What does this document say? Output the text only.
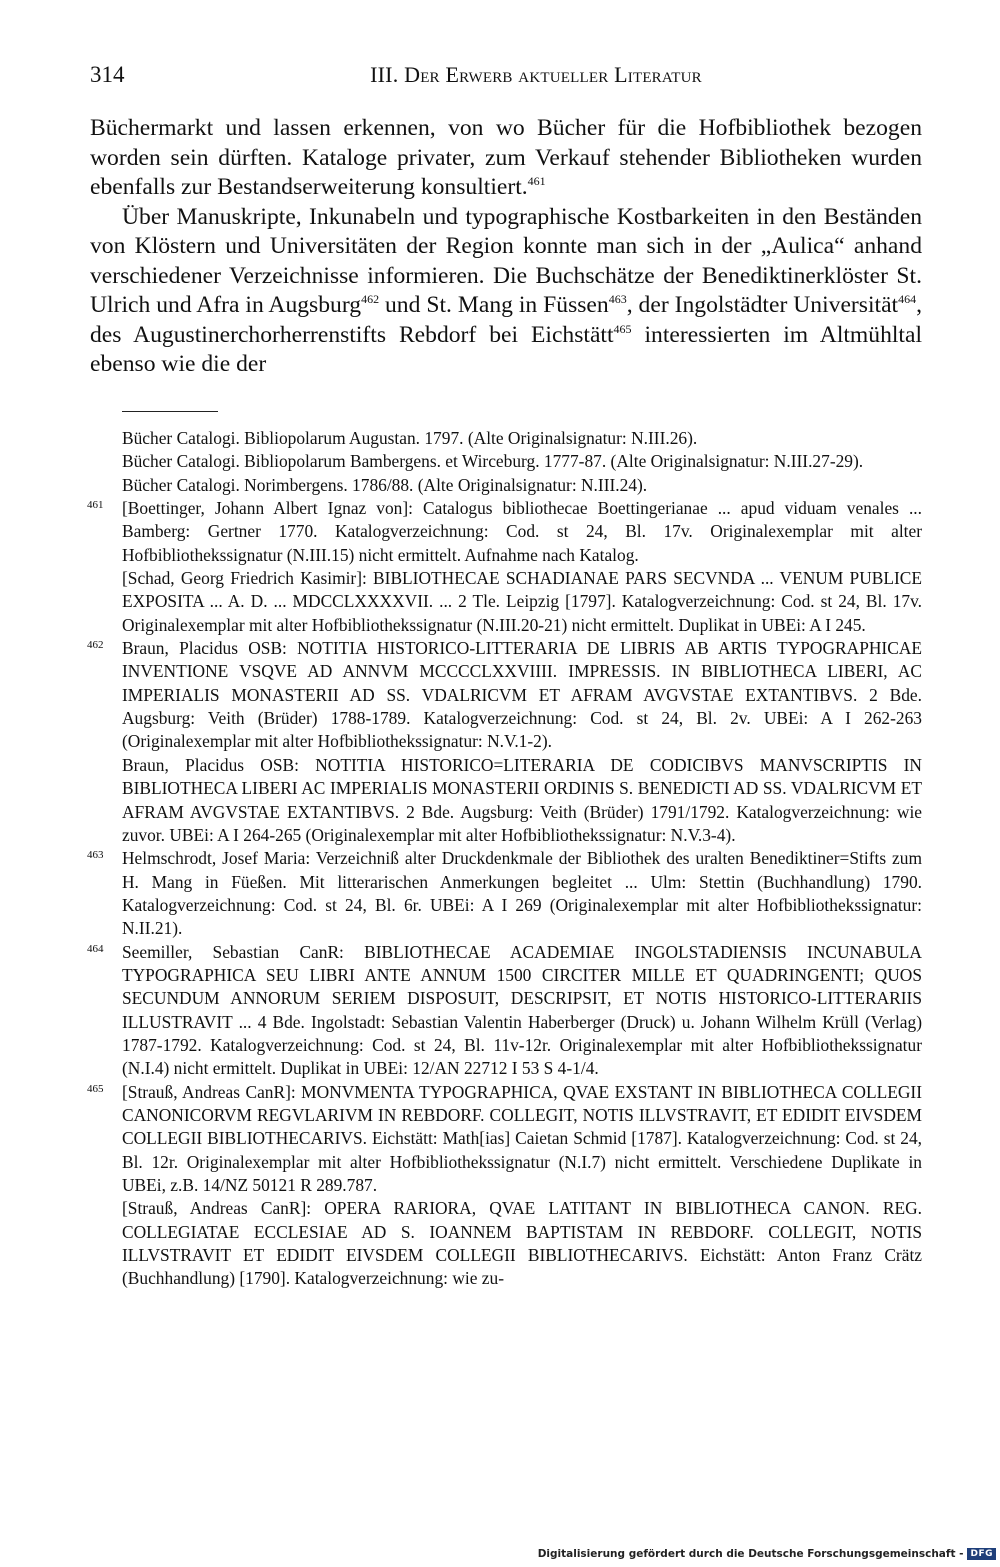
314	III. Der Erwerb aktueller Literatur

Büchermarkt und lassen erkennen, von wo Bücher für die Hofbibliothek bezogen worden sein dürften. Kataloge privater, zum Verkauf stehender Bibliotheken wurden ebenfalls zur Bestandserweiterung konsultiert.$^{461}$

Über Manuskripte, Inkunabeln und typographische Kostbarkeiten in den Beständen von Klöstern und Universitäten der Region konnte man sich in der „Aulica“ anhand verschiedener Verzeichnisse informieren. Die Buchschätze der Benediktinerklöster St. Ulrich und Afra in Augsburg$^{462}$ und St. Mang in Füssen$^{463}$, der Ingolstädter Universität$^{464}$, des Augustinerchorherrenstifts Rebdorf bei Eichstätt$^{465}$ interessierten im Altmühltal ebenso wie die der

Bücher Catalogi. Bibliopolarum Augustan. 1797. (Alte Originalsignatur: N.III.26).

Bücher Catalogi. Bibliopolarum Bambergens. et Wirceburg. 1777-87. (Alte Originalsignatur: N.III.27-29).

Bücher Catalogi. Norimbergens. 1786/88. (Alte Originalsignatur: N.III.24).

461 [Boettinger, Johann Albert Ignaz von]: Catalogus bibliothecae Boettingerianae ... apud viduam venales ... Bamberg: Gertner 1770. Katalogverzeichnung: Cod. st 24, Bl. 17v. Originalexemplar mit alter Hofbibliothekssignatur (N.III.15) nicht ermittelt. Aufnahme nach Katalog.

[Schad, Georg Friedrich Kasimir]: BIBLIOTHECAE SCHADIANAE PARS SECVNDA ... VENUM PUBLICE EXPOSITA ... A. D. ... MDCCLXXXXVII. ... 2 Tle. Leipzig [1797]. Katalogverzeichnung: Cod. st 24, Bl. 17v. Originalexemplar mit alter Hofbibliothekssignatur (N.III.20-21) nicht ermittelt. Duplikat in UBEi: A I 245.

462 Braun, Placidus OSB: NOTITIA HISTORICO-LITTERARIA DE LIBRIS AB ARTIS TYPOGRAPHICAE INVENTIONE VSQVE AD ANNVM MCCCCLXXVIIII. IMPRESSIS. IN BIBLIOTHECA LIBERI, AC IMPERIALIS MONASTERII AD SS. VDALRICVM ET AFRAM AVGVSTAE EXTANTIBVS. 2 Bde. Augsburg: Veith (Brüder) 1788-1789. Katalogverzeichnung: Cod. st 24, Bl. 2v. UBEi: A I 262-263 (Originalexemplar mit alter Hofbibliothekssignatur: N.V.1-2).

Braun, Placidus OSB: NOTITIA HISTORICO=LITERARIA DE CODICIBVS MANVSCRIPTIS IN BIBLIOTHECA LIBERI AC IMPERIALIS MONASTERII ORDINIS S. BENEDICTI AD SS. VDALRICVM ET AFRAM AVGVSTAE EXTANTIBVS. 2 Bde. Augsburg: Veith (Brüder) 1791/1792. Katalogverzeichnung: wie zuvor. UBEi: A I 264-265 (Originalexemplar mit alter Hofbibliothekssignatur: N.V.3-4).

463 Helmschrodt, Josef Maria: Verzeichniß alter Druckdenkmale der Bibliothek des uralten Benediktiner=Stifts zum H. Mang in Füeßen. Mit litterarischen Anmerkungen begleitet ... Ulm: Stettin (Buchhandlung) 1790. Katalogverzeichnung: Cod. st 24, Bl. 6r. UBEi: A I 269 (Originalexemplar mit alter Hofbibliothekssignatur: N.II.21).

464 Seemiller, Sebastian CanR: BIBLIOTHECAE ACADEMIAE INGOLSTADIENSIS INCUNABULA TYPOGRAPHICA SEU LIBRI ANTE ANNUM 1500 CIRCITER MILLE ET QUADRINGENTI; QUOS SECUNDUM ANNORUM SERIEM DISPOSUIT, DESCRIPSIT, ET NOTIS HISTORICO-LITTERARIIS ILLUSTRAVIT ... 4 Bde. Ingolstadt: Sebastian Valentin Haberberger (Druck) u. Johann Wilhelm Krüll (Verlag) 1787-1792. Katalogverzeichnung: Cod. st 24, Bl. 11v-12r. Originalexemplar mit alter Hofbibliothekssignatur (N.I.4) nicht ermittelt. Duplikat in UBEi: 12/AN 22712 I 53 S 4-1/4.

465 [Strauß, Andreas CanR]: MONVMENTA TYPOGRAPHICA, QVAE EXSTANT IN BIBLIOTHECA COLLEGII CANONICORVM REGVLARIVM IN REBDORF. COLLEGIT, NOTIS ILLVSTRAVIT, ET EDIDIT EIVSDEM COLLEGII BIBLIOTHECARIVS. Eichstätt: Math[ias] Caietan Schmid [1787]. Katalogverzeichnung: Cod. st 24, Bl. 12r. Originalexemplar mit alter Hofbibliothekssignatur (N.I.7) nicht ermittelt. Verschiedene Duplikate in UBEi, z.B. 14/NZ 50121 R 289.787.

[Strauß, Andreas CanR]: OPERA RARIORA, QVAE LATITANT IN BIBLIOTHECA CANON. REG. COLLEGIATAE ECCLESIAE AD S. IOANNEM BAPTISTAM IN REBDORF. COLLEGIT, NOTIS ILLVSTRAVIT ET EDIDIT EIVSDEM COLLEGII BIBLIOTHECARIVS. Eichstätt: Anton Franz Crätz (Buchhandlung) [1790]. Katalogverzeichnung: wie zu-

Digitalisierung gefördert durch die Deutsche Forschungsgemeinschaft - DFG
